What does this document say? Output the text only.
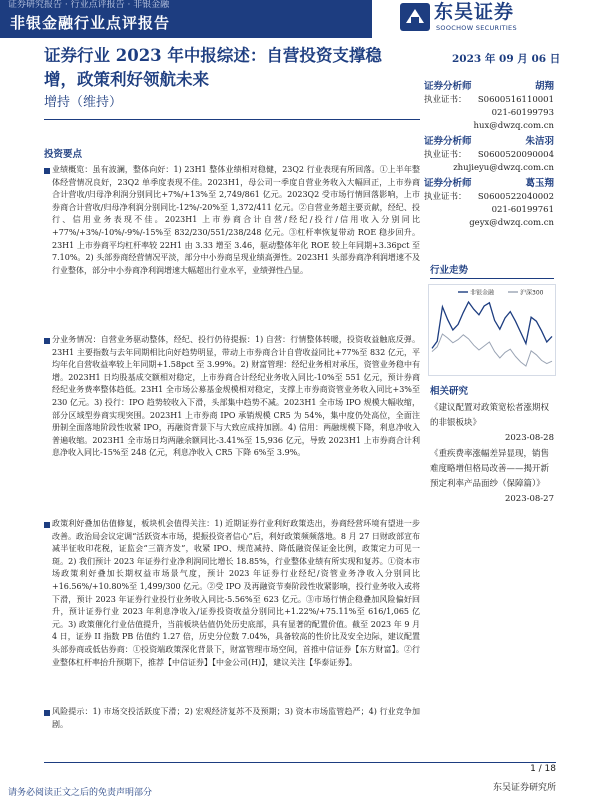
证券研究报告 · 行业点评报告 · 非银金融
非银金融行业点评报告	东吴证券
SOOCHOW SECURITIES
证券行业 2023 年中报综述：自营投资支撑稳
增，政策利好领航未来
2023 年 09 月 06 日
增持（维持）
证券分析师	胡翔
执业证书： S0600516110001
021-60199793
hux@dwzq.com.cn
证券分析师	朱洁羽
执业证书： S0600520090004
zhujieyu@dwzq.com.cn
证券分析师	葛玉翔
执业证书： S0600522040002
021-60199761
geyx@dwzq.com.cn
投资要点
业绩概览：虽有波澜，整体向好：1) 23H1 整体业绩相对稳健，23Q2 行业表现有所回落。①上半年整体经营情况良好，23Q2 单季度表现不佳。2023H1，母公司一季度自营业务收入大幅回正，上市券商合计营收/归母净利润分别同比+7%/+13%至 2,749/861 亿元。2023Q2 受市场行情回落影响，上市券商合计营收/归母净利润分别同比-12%/-20%至 1,372/411 亿元。②自营业务超主要贡献，经纪、投行、信用业务表现不佳。2023H1 上市券商合计自营/经纪/投行/信用收入分别同比+77%/+3%/-10%/-9%/-15%至 832/230/551/238/248 亿元。③杠杆率恢复带动 ROE 稳步回升。23H1 上市券商平均杠杆率较 22H1 由 3.33 增至 3.46，驱动整体年化 ROE 较上年同期+3.36pct 至 7.10%。2) 头部券商经营情况平淡，部分中小券商呈现业绩高弹性。2023H1 头部券商净利润增速不及行业整体，部分中小券商净利润增速大幅超出行业水平，业绩弹性凸显。
分业务情况：自营业务驱动整体，经纪、投行仍待提振：1) 自营：行情整体转暖，投资收益触底反弹。23H1 主要指数与去年同期相比向好趋势明显，带动上市券商合计自营收益同比+77%至 832 亿元，平均年化自营收益率较上年同期+1.58pct 至 3.99%。2) 财富管理：经纪业务相对承压，资管业务稳中有增。2023H1 日均股基成交额相对稳定，上市券商合计经纪业务收入同比-10%至 551 亿元，预计券商经纪业务费率整体趋低。23H1 全市场公募基金规模相对稳定，支撑上市券商资管业务收入同比+3%至 230 亿元。3) 投行：IPO 趋势较收入下滑，头部集中趋势不减。2023H1 全市场 IPO 规模大幅收缩，部分区域型券商实现突围。2023H1 上市券商 IPO 承销规模 CR5 为 54%，集中度仍处高位，全面注册制全面落地阶段性收紧 IPO，再融资背景下与大致应成持加剧。4) 信用：两融规模下降，利息净收入普遍收缩。2023H1 全市场日均两融余额同比-3.41%至 15,936 亿元，导致 2023H1 上市券商合计利息净收入同比-15%至 248 亿元，利息净收入 CR5 下降 6%至 3.9%。
政策利好叠加估值修复，板块机会值得关注：1) 近期证券行业利好政策迭出，券商经营环境有望进一步改善。政治局会议定调“活跃资本市场，提振投资者信心”后，利好政策频频落地。8 月 27 日财政部宣布减半征收印花税，证监会“三箭齐发”，收紧 IPO、规范减持、降低融资保证金比例，政策定力可见一斑。2) 我们预计 2023 年证券行业净利润同比增长 18.85%，行业整体业绩有所实现和复苏。①资本市场政策利好叠加长期权益市场景气度，预计 2023 年证券行业经纪/资管业务净收入分别同比+16.56%/+10.80%至 1,499/300 亿元。②受 IPO 及再融资节奏阶段性收紧影响，投行业务收入或将下滑，预计 2023 年证券行业投行业务收入同比-5.56%至 623 亿元。③市场行情企稳叠加风险偏好回升，预计证券行业 2023 年利息净收入/证券投资收益分别同比+1.22%/+75.11%至 616/1,065 亿元。3) 政策催化行业估值提升，当前板块估值仍处历史底部，具有显著的配置价值。截至 2023 年 9 月 4 日，证券 II 指数 PB 估值约 1.27 倍，历史分位数 7.04%，具备较高的性价比及安全边际，建议配置头部券商或低估券商：①投资端政策深化背景下，财富管理市场空间，首推中信证券【东方财富】。②行业整体杠杆率抬升预期下，推荐【中信证券】【中金公司(H)】，建议关注【华泰证券】。
风险提示：1) 市场交投活跃度下滑；2) 宏观经济复苏不及预期；3) 资本市场监管趋严；4) 行业竞争加剧。
行业走势
非银金融	沪深300
相关研究
《建议配置对政策宽松者涨期权的非银板块》
2023-08-28
《重疾费率涨幅差异显现，销售难度略增但格局改善——揭开新预定利率产品面纱（保障篇）》
2023-08-27
1 / 18
东吴证券研究所
请务必阅读正文之后的免责声明部分
